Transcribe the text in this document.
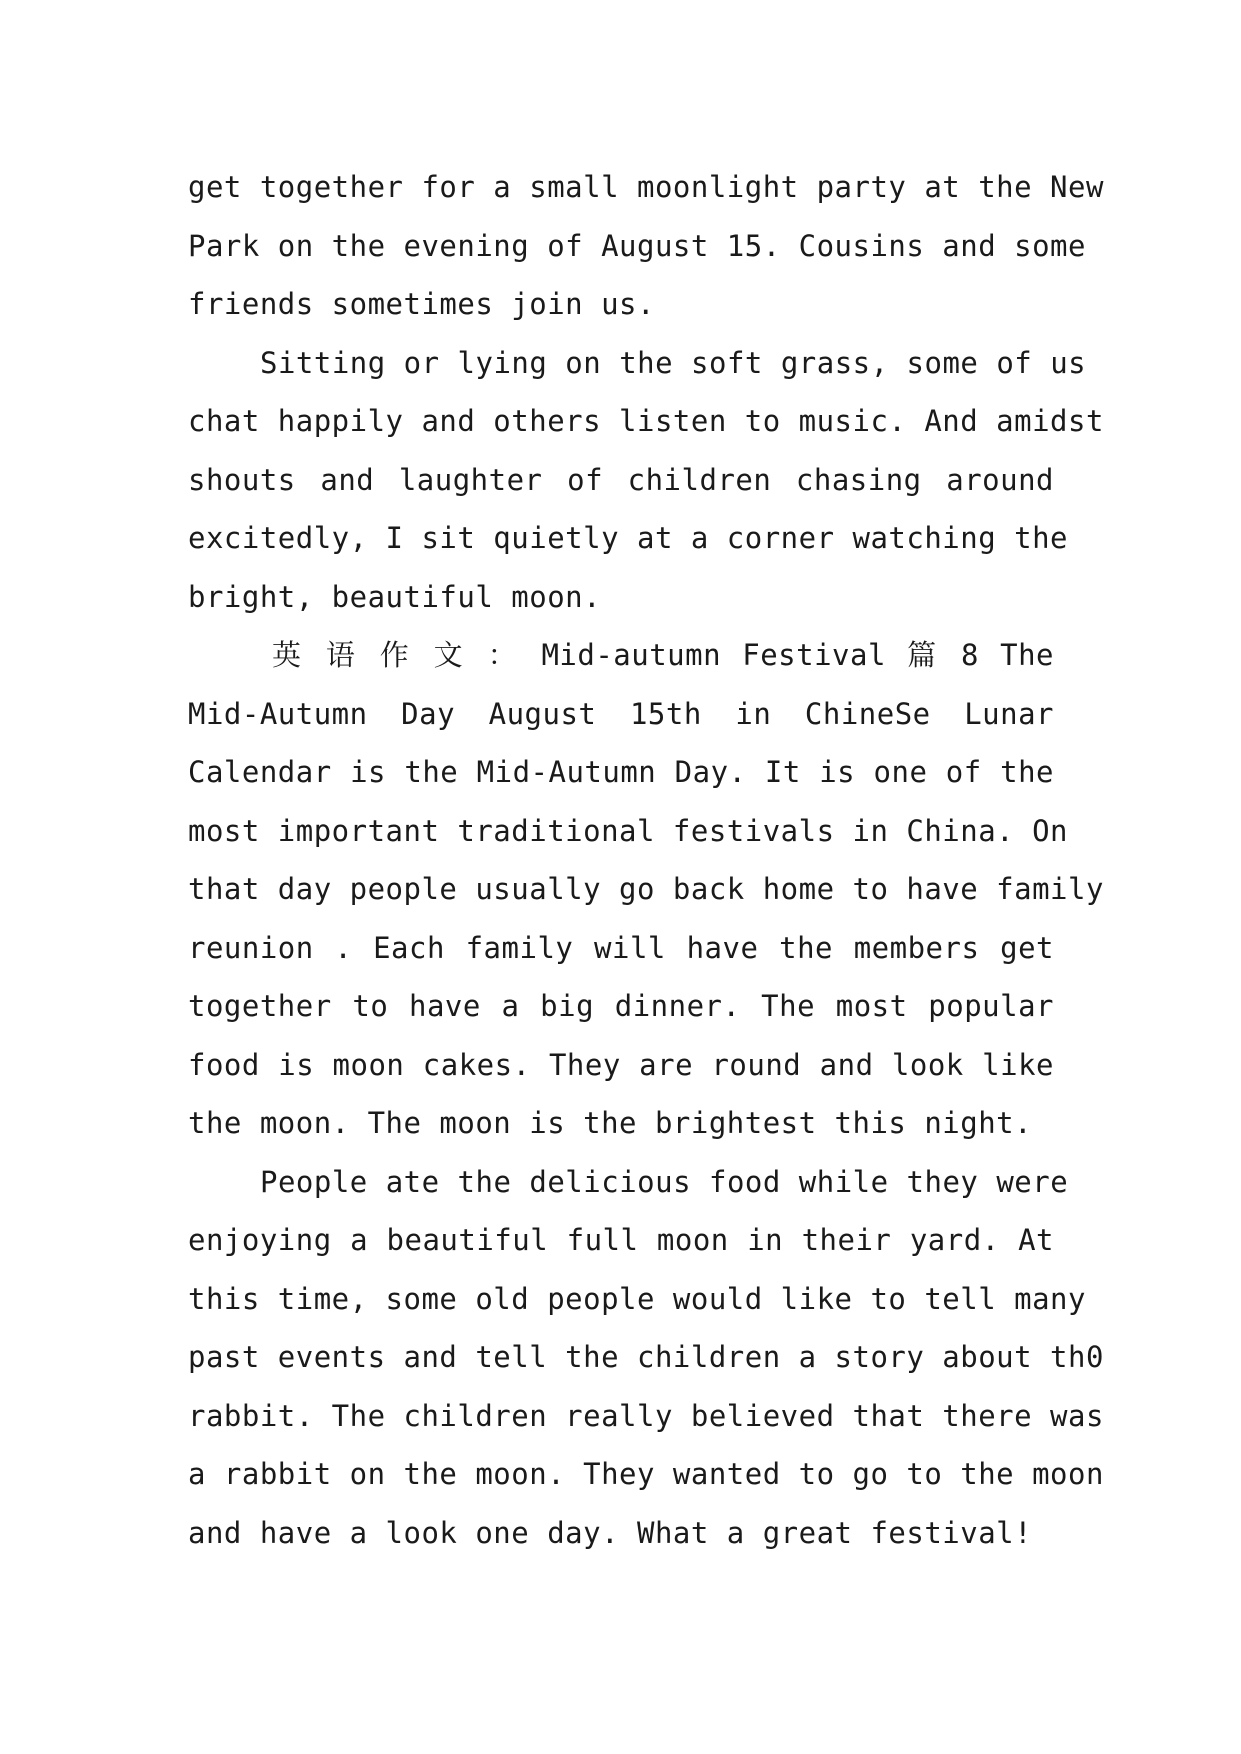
get together for a small moonlight party at the New
Park on the evening of August 15. Cousins and some
friends sometimes join us.
Sitting or lying on the soft grass, some of us
chat happily and others listen to music. And amidst
shouts and laughter of children chasing around
excitedly, I sit quietly at a corner watching the
bright, beautiful moon.
英 语 作 文 ： Mid-autumn Festival 篇 8 The
Mid-Autumn Day August 15th in ChineSe Lunar
Calendar is the Mid-Autumn Day. It is one of the
most important traditional festivals in China. On
that day people usually go back home to have family
reunion . Each family will have the members get
together to have a big dinner. The most popular
food is moon cakes. They are round and look like
the moon. The moon is the brightest this night.
People ate the delicious food while they were
enjoying a beautiful full moon in their yard. At
this time, some old people would like to tell many
past events and tell the children a story about th0
rabbit. The children really believed that there was
a rabbit on the moon. They wanted to go to the moon
and have a look one day. What a great festival!
